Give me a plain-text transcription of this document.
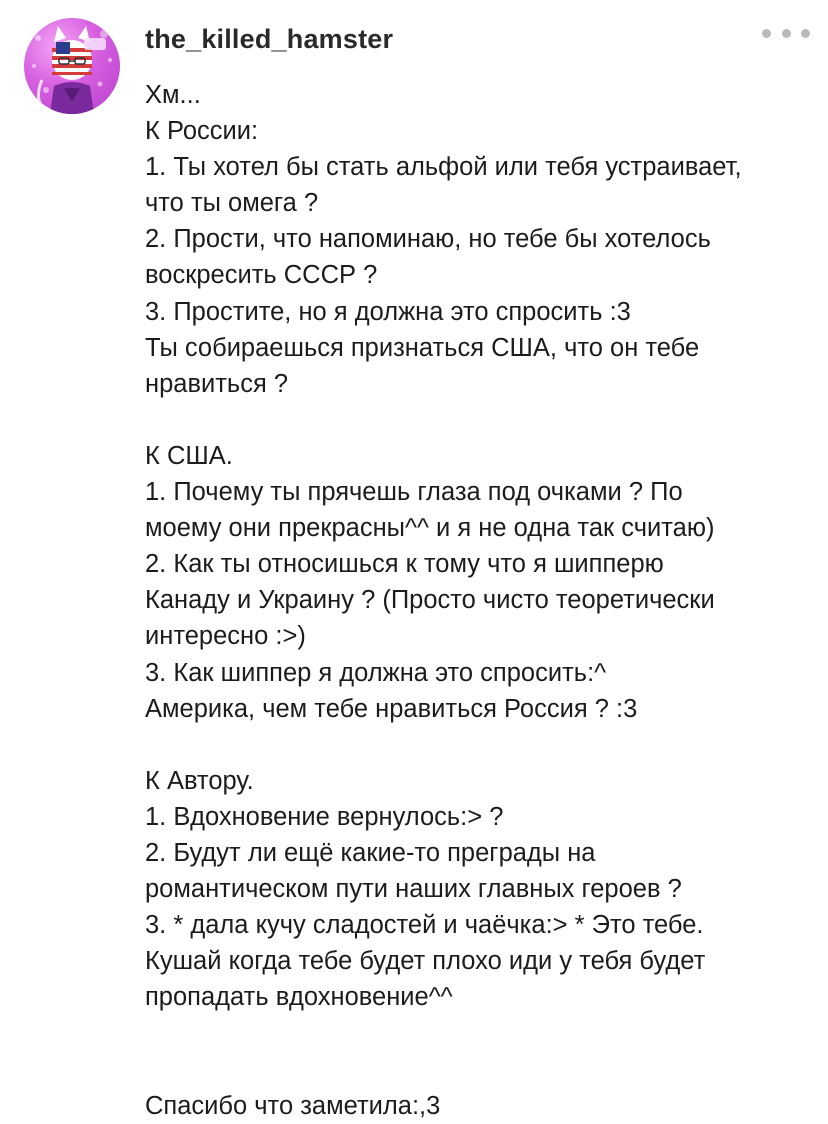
the_killed_hamster
Хм...
К России:
1. Ты хотел бы стать альфой или тебя устраивает,
что ты омега ?
2. Прости, что напоминаю, но тебе бы хотелось
воскресить СССР ?
3. Простите, но я должна это спросить :3
Ты собираешься признаться США, что он тебе
нравиться ?
К США.
1. Почему ты прячешь глаза под очками ? По
моему они прекрасны^^ и я не одна так считаю)
2. Как ты относишься к тому что я шипперю
Канаду и Украину ? (Просто чисто теоретически
интересно :>)
3. Как шиппер я должна это спросить:^
Америка, чем тебе нравиться Россия ? :3
К Автору.
1. Вдохновение вернулось:> ?
2. Будут ли ещё какие-то преграды на
романтическом пути наших главных героев ?
3. * дала кучу сладостей и чаёчка:> * Это тебе.
Кушай когда тебе будет плохо иди у тебя будет
пропадать вдохновение^^
Спасибо что заметила:,3
